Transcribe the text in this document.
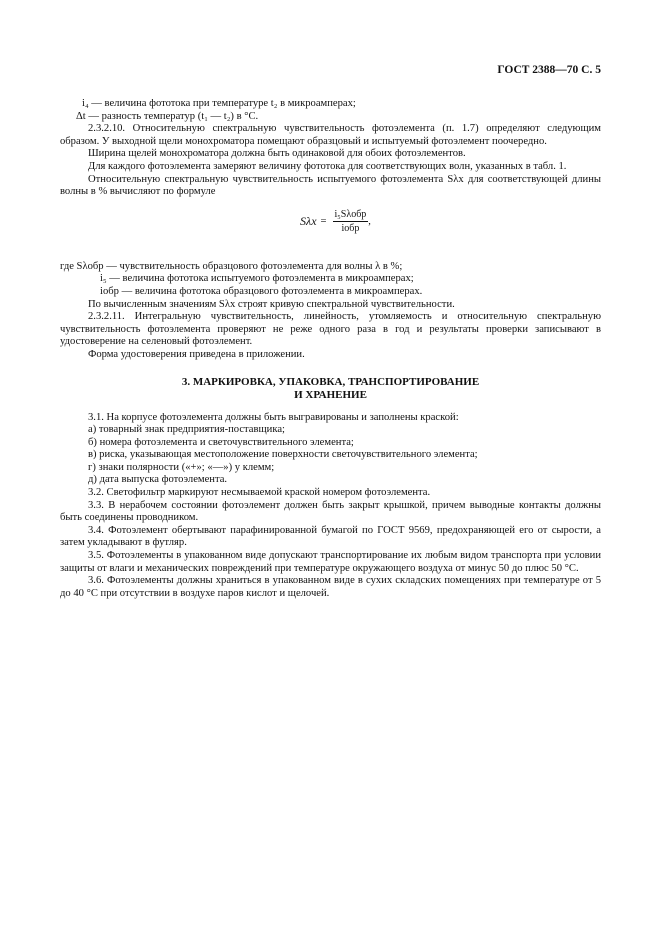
ГОСТ 2388—70 С. 5

i₄ — величина фототока при температуре t₂ в микроамперах;

Δt — разность температур (t₁ — t₂) в °С.

2.3.2.10. Относительную спектральную чувствительность фотоэлемента (п. 1.7) определяют следующим образом. У выходной щели монохроматора помещают образцовый и испытуемый фотоэлемент поочередно.

Ширина щелей монохроматора должна быть одинаковой для обоих фотоэлементов.

Для каждого фотоэлемента замеряют величину фототока для соответствующих волн, указанных в табл. 1.

Относительную спектральную чувствительность испытуемого фотоэлемента Sλx для соответствующей длины волны в % вычисляют по формуле

$S\lambda x = \frac{\text{i₅Sλобр}}{\text{iобр}}$ ,

где Sλобр — чувствительность образцового фотоэлемента для волны λ в %;

i₅ — величина фототока испытуемого фотоэлемента в микроамперах;

iобр — величина фототока образцового фотоэлемента в микроамперах.

По вычисленным значениям Sλx строят кривую спектральной чувствительности.

2.3.2.11. Интегральную чувствительность, линейность, утомляемость и относительную спектральную чувствительность фотоэлемента проверяют не реже одного раза в год и результаты проверки записывают в удостоверение на селеновый фотоэлемент.

Форма удостоверения приведена в приложении.

3. МАРКИРОВКА, УПАКОВКА, ТРАНСПОРТИРОВАНИЕ
И ХРАНЕНИЕ

3.1. На корпусе фотоэлемента должны быть выгравированы и заполнены краской:

а) товарный знак предприятия-поставщика;

б) номера фотоэлемента и светочувствительного элемента;

в) риска, указывающая местоположение поверхности светочувствительного элемента;

г) знаки полярности («+»; «—») у клемм;

д) дата выпуска фотоэлемента.

3.2. Светофильтр маркируют несмываемой краской номером фотоэлемента.

3.3. В нерабочем состоянии фотоэлемент должен быть закрыт крышкой, причем выводные контакты должны быть соединены проводником.

3.4. Фотоэлемент обертывают парафинированной бумагой по ГОСТ 9569, предохраняющей его от сырости, а затем укладывают в футляр.

3.5. Фотоэлементы в упакованном виде допускают транспортирование их любым видом транспорта при условии защиты от влаги и механических повреждений при температуре окружающего воздуха от минус 50 до плюс 50 °С.

3.6. Фотоэлементы должны храниться в упакованном виде в сухих складских помещениях при температуре от 5 до 40 °С при отсутствии в воздухе паров кислот и щелочей.
